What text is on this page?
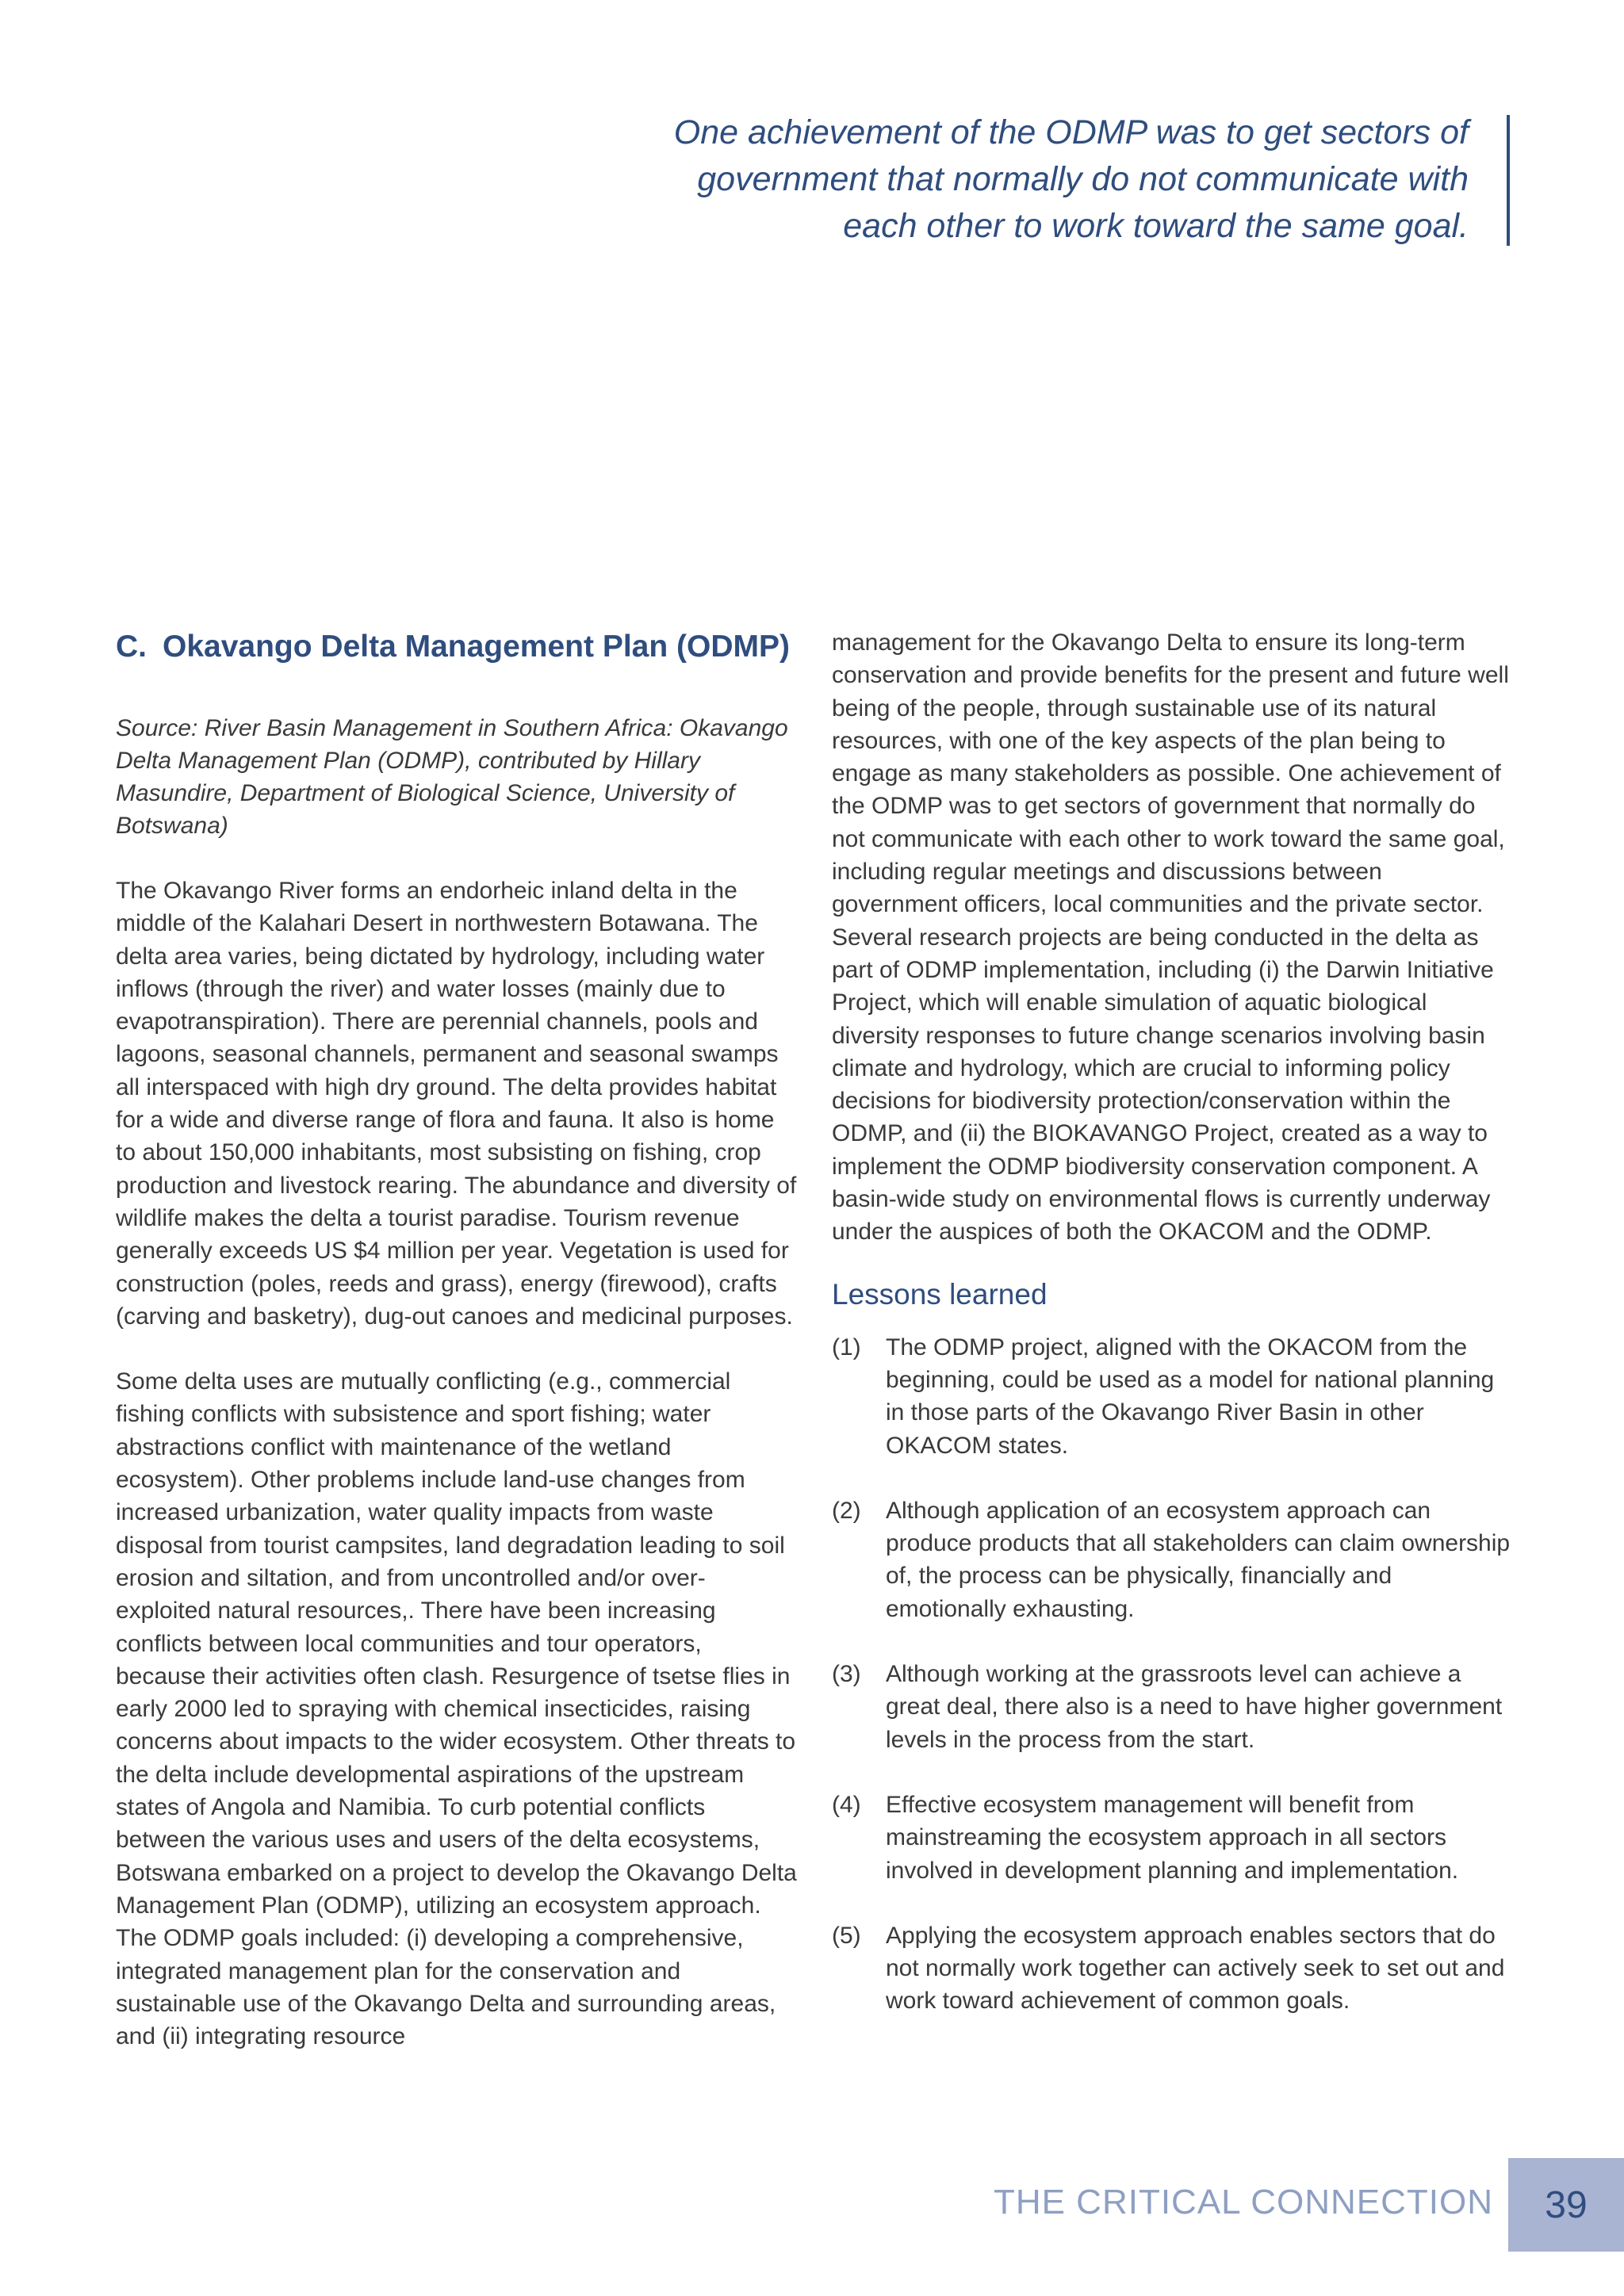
One achievement of the ODMP was to get sectors of
government that normally do not communicate with
each other to work toward the same goal.
C. Okavango Delta Management Plan (ODMP)

Source: River Basin Management in Southern Africa: Okavango Delta Management Plan (ODMP), contributed by Hillary Masundire, Department of Biological Science, University of Botswana)

The Okavango River forms an endorheic inland delta in the middle of the Kalahari Desert in northwestern Botawana. The delta area varies, being dictated by hydrology, including water inflows (through the river) and water losses (mainly due to evapotranspiration). There are perennial channels, pools and lagoons, seasonal channels, permanent and seasonal swamps all interspaced with high dry ground. The delta provides habitat for a wide and diverse range of flora and fauna. It also is home to about 150,000 inhabitants, most subsisting on fishing, crop production and livestock rearing. The abundance and diversity of wildlife makes the delta a tourist paradise. Tourism revenue generally exceeds US $4 million per year. Vegetation is used for construction (poles, reeds and grass), energy (firewood), crafts (carving and basketry), dug-out canoes and medicinal purposes.

Some delta uses are mutually conflicting (e.g., commercial fishing conflicts with subsistence and sport fishing; water abstractions conflict with maintenance of the wetland ecosystem). Other problems include land-use changes from increased urbanization, water quality impacts from waste disposal from tourist campsites, land degradation leading to soil erosion and siltation, and from uncontrolled and/or over-exploited natural resources,. There have been increasing conflicts between local communities and tour operators, because their activities often clash. Resurgence of tsetse flies in early 2000 led to spraying with chemical insecticides, raising concerns about impacts to the wider ecosystem. Other threats to the delta include developmental aspirations of the upstream states of Angola and Namibia. To curb potential conflicts between the various uses and users of the delta ecosystems, Botswana embarked on a project to develop the Okavango Delta Management Plan (ODMP), utilizing an ecosystem approach. The ODMP goals included: (i) developing a comprehensive, integrated management plan for the conservation and sustainable use of the Okavango Delta and surrounding areas, and (ii) integrating resource

management for the Okavango Delta to ensure its long-term conservation and provide benefits for the present and future well being of the people, through sustainable use of its natural resources, with one of the key aspects of the plan being to engage as many stakeholders as possible. One achievement of the ODMP was to get sectors of government that normally do not communicate with each other to work toward the same goal, including regular meetings and discussions between government officers, local communities and the private sector. Several research projects are being conducted in the delta as part of ODMP implementation, including (i) the Darwin Initiative Project, which will enable simulation of aquatic biological diversity responses to future change scenarios involving basin climate and hydrology, which are crucial to informing policy decisions for biodiversity protection/conservation within the ODMP, and (ii) the BIOKAVANGO Project, created as a way to implement the ODMP biodiversity conservation component. A basin-wide study on environmental flows is currently underway under the auspices of both the OKACOM and the ODMP.

Lessons learned
(1)	The ODMP project, aligned with the OKACOM from the beginning, could be used as a model for national planning in those parts of the Okavango River Basin in other OKACOM states.
(2)	Although application of an ecosystem approach can produce products that all stakeholders can claim ownership of, the process can be physically, financially and emotionally exhausting.
(3)	Although working at the grassroots level can achieve a great deal, there also is a need to have higher government levels in the process from the start.
(4)	Effective ecosystem management will benefit from mainstreaming the ecosystem approach in all sectors involved in development planning and implementation.
(5)	Applying the ecosystem approach enables sectors that do not normally work together can actively seek to set out and work toward achievement of common goals.
THE CRITICAL CONNECTION 39
